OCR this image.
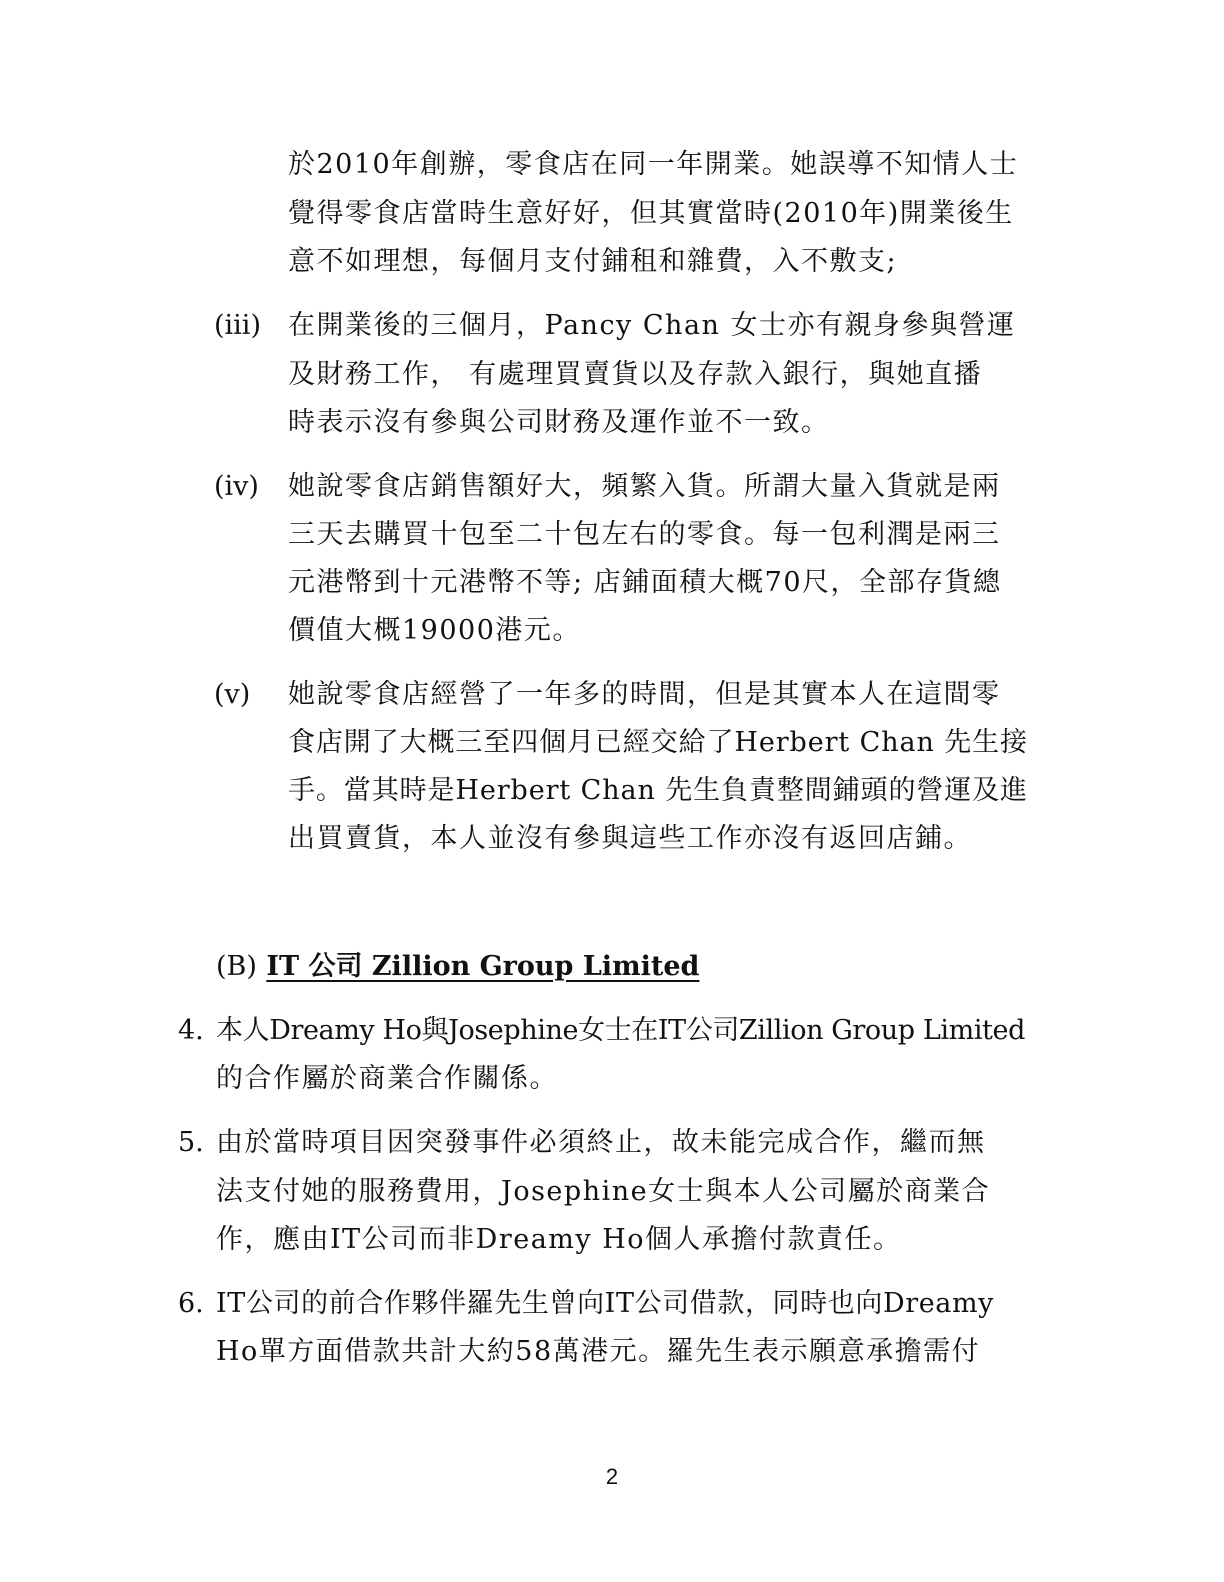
於2010年創辦，零食店在同一年開業。她誤導不知情人士
覺得零食店當時生意好好，但其實當時(2010年)開業後生
意不如理想，每個月支付鋪租和雜費，入不敷支;
(iii) 在開業後的三個月，Pancy Chan 女士亦有親身參與營運
及財務工作， 有處理買賣貨以及存款入銀行，與她直播
時表示沒有參與公司財務及運作並不一致。
(iv) 她說零食店銷售額好大，頻繁入貨。所謂大量入貨就是兩
三天去購買十包至二十包左右的零食。每一包利潤是兩三
元港幣到十元港幣不等; 店鋪面積大概70尺，全部存貨總
價值大概19000港元。
(v) 她說零食店經營了一年多的時間，但是其實本人在這間零
食店開了大概三至四個月已經交給了Herbert Chan 先生接
手。當其時是Herbert Chan 先生負責整間鋪頭的營運及進
出買賣貨，本人並沒有參與這些工作亦沒有返回店鋪。
(B) IT 公司 Zillion Group Limited
4. 本人Dreamy Ho與Josephine女士在IT公司Zillion Group Limited
的合作屬於商業合作關係。
5. 由於當時項目因突發事件必須終止，故未能完成合作，繼而無
法支付她的服務費用，Josephine女士與本人公司屬於商業合
作，應由IT公司而非Dreamy Ho個人承擔付款責任。
6. IT公司的前合作夥伴羅先生曾向IT公司借款，同時也向Dreamy
Ho單方面借款共計大約58萬港元。羅先生表示願意承擔需付
2
